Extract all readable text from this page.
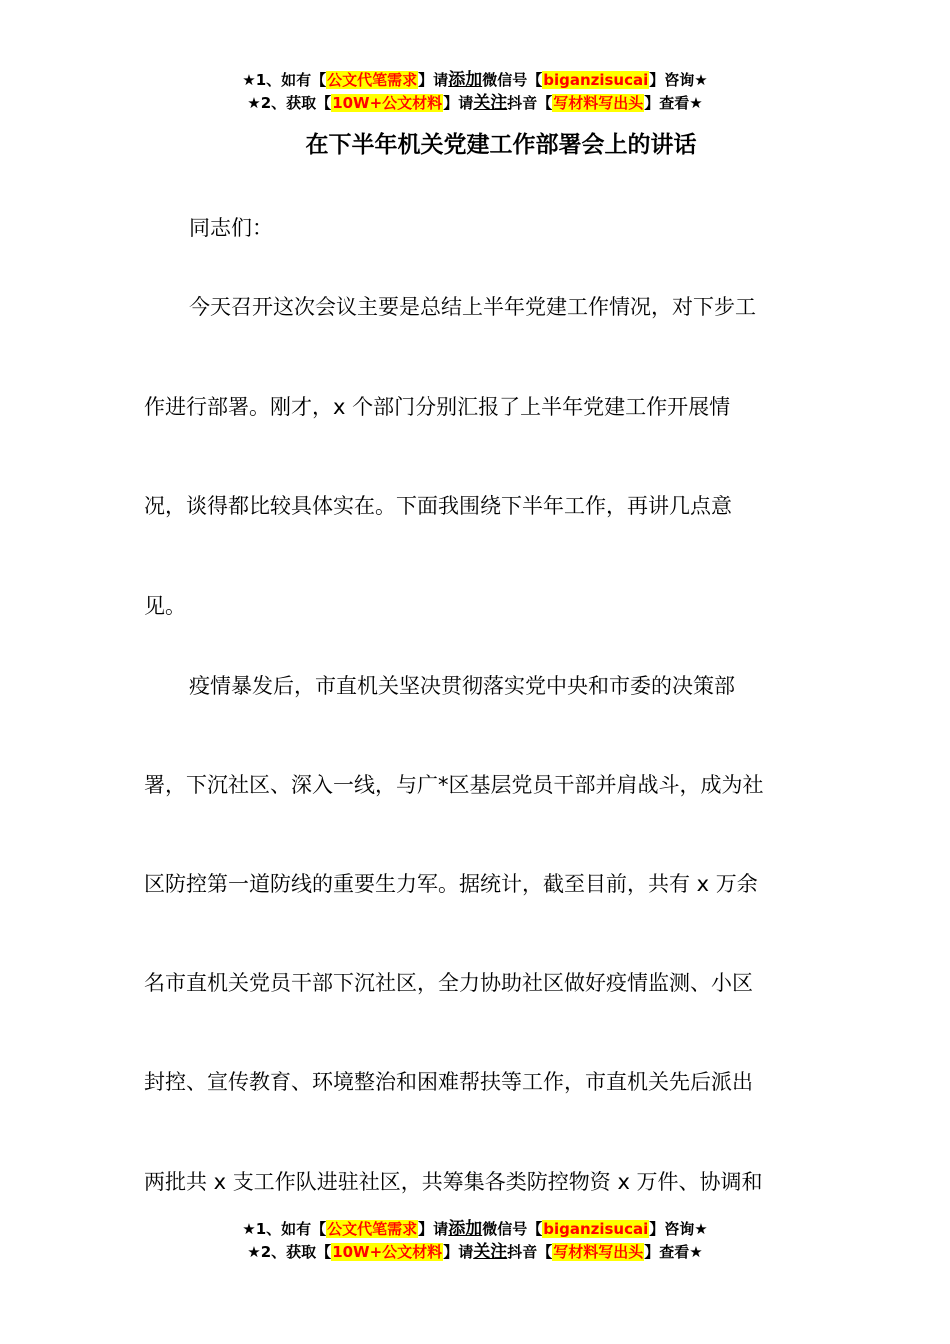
★1、如有【公文代笔需求】请添加微信号【biganzisucai】咨询★
★2、获取【10W+公文材料】请关注抖音【写材料写出头】查看★
在下半年机关党建工作部署会上的讲话
同志们：
今天召开这次会议主要是总结上半年党建工作情况，对下步工
作进行部署。刚才，x 个部门分别汇报了上半年党建工作开展情
况，谈得都比较具体实在。下面我围绕下半年工作，再讲几点意
见。
疫情暴发后，市直机关坚决贯彻落实党中央和市委的决策部
署，下沉社区、深入一线，与广*区基层党员干部并肩战斗，成为社
区防控第一道防线的重要生力军。据统计，截至目前，共有 x 万余
名市直机关党员干部下沉社区，全力协助社区做好疫情监测、小区
封控、宣传教育、环境整治和困难帮扶等工作，市直机关先后派出
两批共 x 支工作队进驻社区，共筹集各类防控物资 x 万件、协调和
★1、如有【公文代笔需求】请添加微信号【biganzisucai】咨询★
★2、获取【10W+公文材料】请关注抖音【写材料写出头】查看★
